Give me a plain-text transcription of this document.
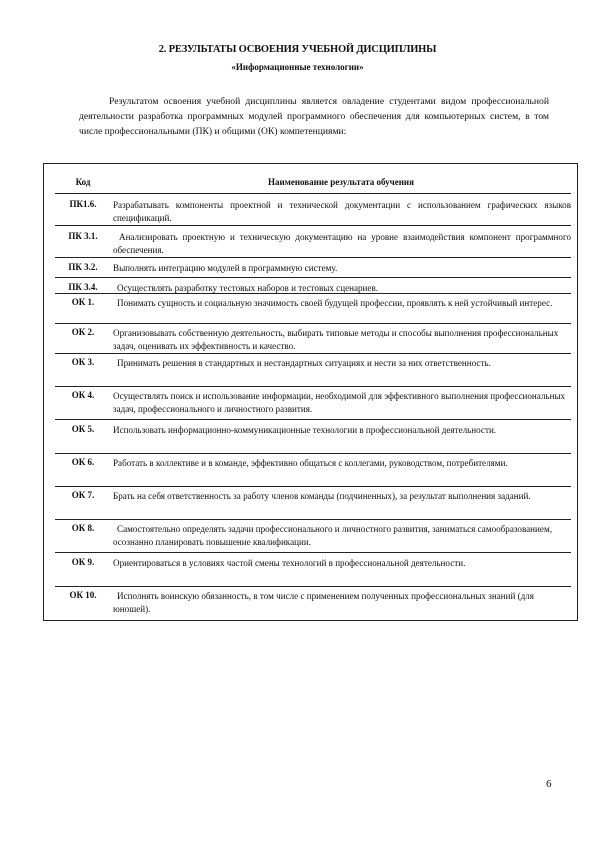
2. РЕЗУЛЬТАТЫ ОСВОЕНИЯ УЧЕБНОЙ ДИСЦИПЛИНЫ
«Информационные технологии»
Результатом освоения учебной дисциплины является овладение студентами видом профессиональной деятельности разработка программных модулей программного обеспечения для компьютерных систем, в том числе профессиональными (ПК) и общими (ОК) компетенциями:
Код	Наименование результата обучения
ПК1.6.	Разрабатывать компоненты проектной и технической документации с использованием графических языков спецификаций.
ПК 3.1.	Анализировать проектную и техническую документацию на уровне взаимодействия компонент программного обеспечения.
ПК 3.2.	Выполнять интеграцию модулей в программную систему.
ПК 3.4.	Осуществлять разработку тестовых наборов и тестовых сценариев.
ОК 1.	Понимать сущность и социальную значимость своей будущей профессии, проявлять к ней устойчивый интерес.
ОК 2.	Организовывать собственную деятельность, выбирать типовые методы и способы выполнения профессиональных задач, оценивать их эффективность и качество.
ОК 3.	Принимать решения в стандартных и нестандартных ситуациях и нести за них ответственность.
ОК 4.	Осуществлять поиск и использование информации, необходимой для эффективного выполнения профессиональных задач, профессионального и личностного развития.
ОК 5.	Использовать информационно-коммуникационные технологии в профессиональной деятельности.
ОК 6.	Работать в коллективе и в команде, эффективно общаться с коллегами, руководством, потребителями.
ОК 7.	Брать на себя ответственность за работу членов команды (подчиненных), за результат выполнения заданий.
ОК 8.	Самостоятельно определять задачи профессионального и личностного развития, заниматься самообразованием, осознанно планировать повышение квалификации.
ОК 9.	Ориентироваться в условиях частой смены технологий в профессиональной деятельности.
ОК 10.	Исполнять воинскую обязанность, в том числе с применением полученных профессиональных знаний (для юношей).
6
